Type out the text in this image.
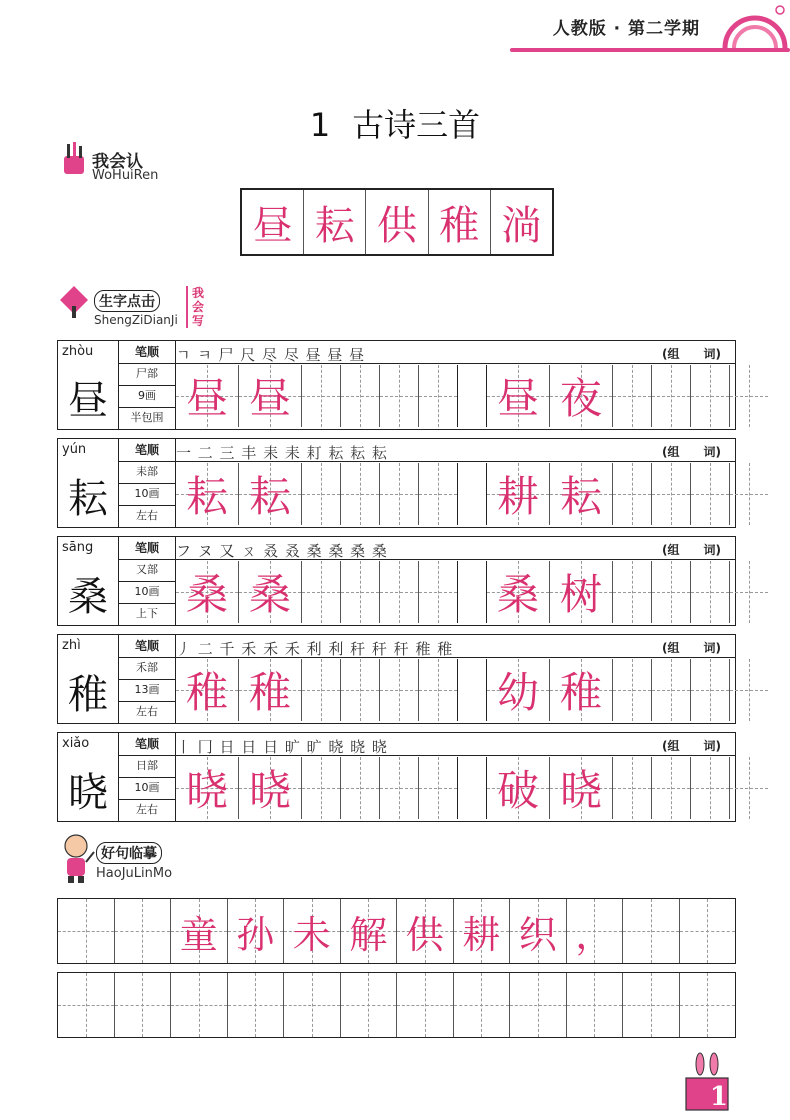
人教版 · 第二学期
1 古诗三首
我会认
WoHuiRen
昼 耘 供 稚 淌
生字点击
ShengZiDianJi
我会写
zhòu
昼
笔顺
尸部
9画
半包围
ㄱ ㅋ 尸 尺 尽 尽 昼 昼 昼	(组　　词)
昼 昼	昼 夜
yún
耘
笔顺
耒部
10画
左右
一 二 三 丰 耒 耒 耓 耘 耘 耘	(组　　词)
耘 耘	耕 耘
sāng
桑
笔顺
又部
10画
上下
フ ヌ 又 ㄡ 叒 叒 桑 桑 桑 桑	(组　　词)
桑 桑	桑 树
zhì
稚
笔顺
禾部
13画
左右
丿 二 千 禾 禾 禾 利 利 秆 秆 秆 稚 稚	(组　　词)
稚 稚	幼 稚
xiǎo
晓
笔顺
日部
10画
左右
丨 冂 日 日 日 旷 旷 晓 晓 晓	(组　　词)
晓 晓	破 晓
好句临摹
HaoJuLinMo
童 孙 未 解 供 耕 织 ，
1
